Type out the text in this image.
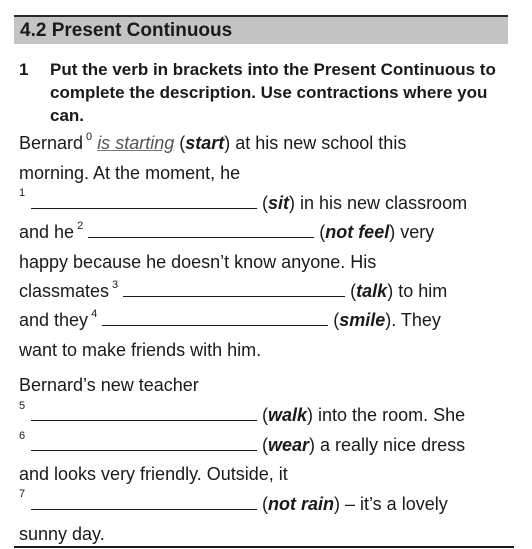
4.2 Present Continuous
1 Put the verb in brackets into the Present Continuous to complete the description. Use contractions where you can.
Bernard $^0$ is starting (start) at his new school this
morning. At the moment, he
1	(sit) in his new classroom
and he $^2$	(not feel) very
happy because he doesn’t know anyone. His
classmates $^3$	(talk) to him
and they $^4$	(smile). They
want to make friends with him.
Bernard’s new teacher
5	(walk) into the room. She
6	(wear) a really nice dress
and looks very friendly. Outside, it
7	(not rain) – it’s a lovely
sunny day.
